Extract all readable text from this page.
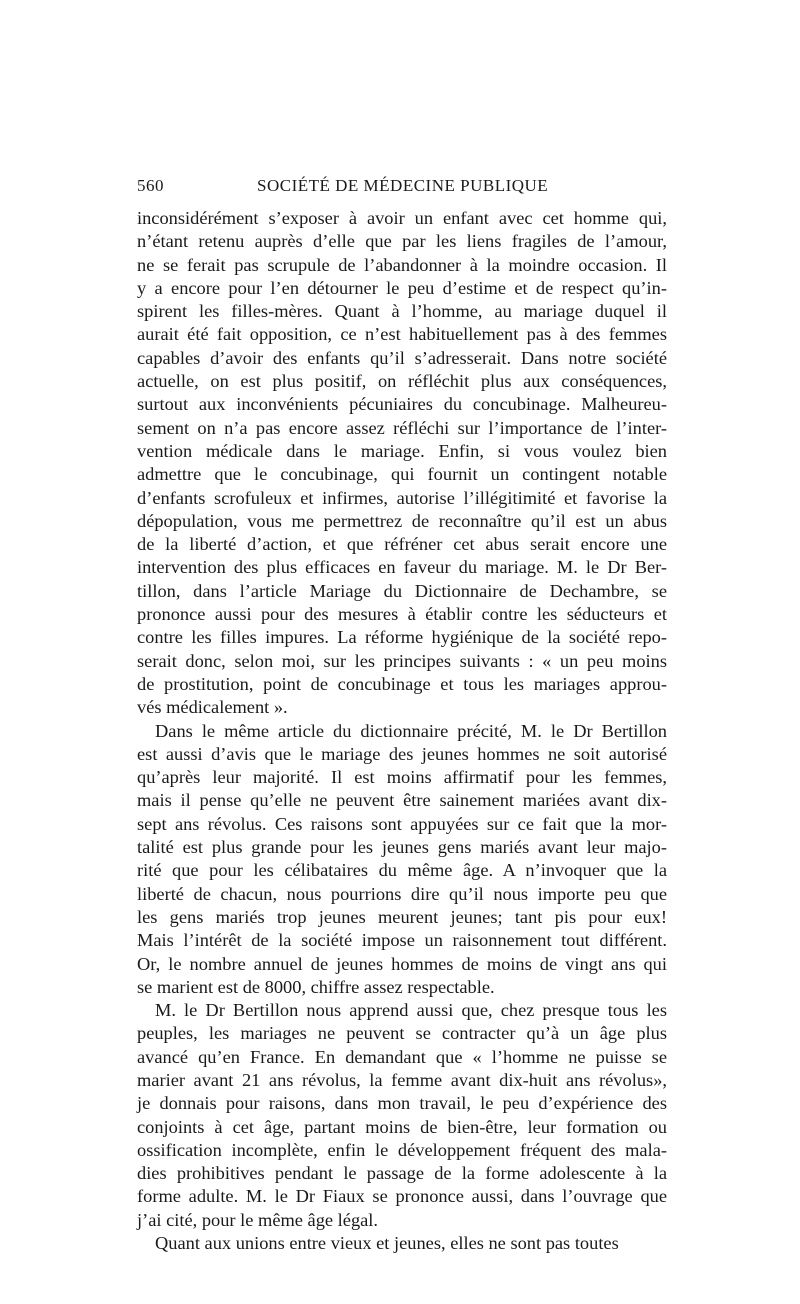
560	SOCIÉTÉ DE MÉDECINE PUBLIQUE
inconsidérément s’exposer à avoir un enfant avec cet homme qui,
n’étant retenu auprès d’elle que par les liens fragiles de l’amour,
ne se ferait pas scrupule de l’abandonner à la moindre occasion. Il
y a encore pour l’en détourner le peu d’estime et de respect qu’in-
spirent les filles-mères. Quant à l’homme, au mariage duquel il
aurait été fait opposition, ce n’est habituellement pas à des femmes
capables d’avoir des enfants qu’il s’adresserait. Dans notre société
actuelle, on est plus positif, on réfléchit plus aux conséquences,
surtout aux inconvénients pécuniaires du concubinage. Malheureu-
sement on n’a pas encore assez réfléchi sur l’importance de l’inter-
vention médicale dans le mariage. Enfin, si vous voulez bien
admettre que le concubinage, qui fournit un contingent notable
d’enfants scrofuleux et infirmes, autorise l’illégitimité et favorise la
dépopulation, vous me permettrez de reconnaître qu’il est un abus
de la liberté d’action, et que réfréner cet abus serait encore une
intervention des plus efficaces en faveur du mariage. M. le Dr Ber-
tillon, dans l’article Mariage du Dictionnaire de Dechambre, se
prononce aussi pour des mesures à établir contre les séducteurs et
contre les filles impures. La réforme hygiénique de la société repo-
serait donc, selon moi, sur les principes suivants : « un peu moins
de prostitution, point de concubinage et tous les mariages approu-
vés médicalement ».
Dans le même article du dictionnaire précité, M. le Dr Bertillon
est aussi d’avis que le mariage des jeunes hommes ne soit autorisé
qu’après leur majorité. Il est moins affirmatif pour les femmes,
mais il pense qu’elle ne peuvent être sainement mariées avant dix-
sept ans révolus. Ces raisons sont appuyées sur ce fait que la mor-
talité est plus grande pour les jeunes gens mariés avant leur majo-
rité que pour les célibataires du même âge. A n’invoquer que la
liberté de chacun, nous pourrions dire qu’il nous importe peu que
les gens mariés trop jeunes meurent jeunes; tant pis pour eux!
Mais l’intérêt de la société impose un raisonnement tout différent.
Or, le nombre annuel de jeunes hommes de moins de vingt ans qui
se marient est de 8000, chiffre assez respectable.
M. le Dr Bertillon nous apprend aussi que, chez presque tous les
peuples, les mariages ne peuvent se contracter qu’à un âge plus
avancé qu’en France. En demandant que « l’homme ne puisse se
marier avant 21 ans révolus, la femme avant dix-huit ans révolus»,
je donnais pour raisons, dans mon travail, le peu d’expérience des
conjoints à cet âge, partant moins de bien-être, leur formation ou
ossification incomplète, enfin le développement fréquent des mala-
dies prohibitives pendant le passage de la forme adolescente à la
forme adulte. M. le Dr Fiaux se prononce aussi, dans l’ouvrage que
j’ai cité, pour le même âge légal.
Quant aux unions entre vieux et jeunes, elles ne sont pas toutes
